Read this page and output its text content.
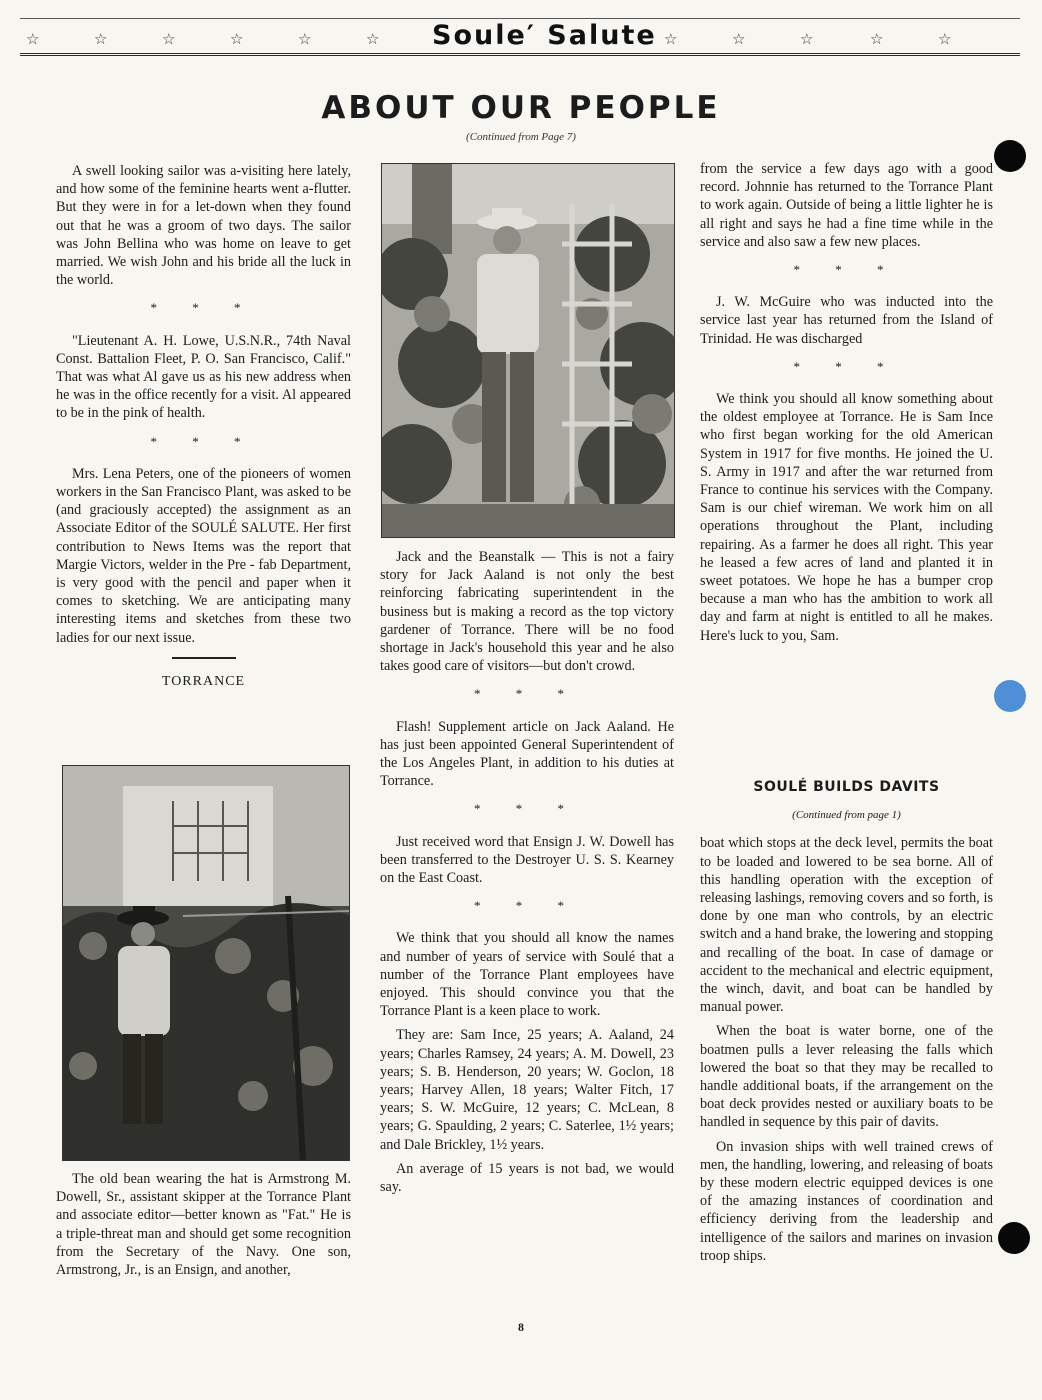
☆	☆	☆	☆	☆	☆ Soule′ Salute ☆	☆	☆	☆	☆
ABOUT OUR PEOPLE
(Continued from Page 7)

A swell looking sailor was a-visiting here lately, and how some of the feminine hearts went a-flutter. But they were in for a let-down when they found out that he was a groom of two days. The sailor was John Bellina who was home on leave to get married. We wish John and his bride all the luck in the world.

* * *

"Lieutenant A. H. Lowe, U.S.N.R., 74th Naval Const. Battalion Fleet, P. O. San Francisco, Calif." That was what Al gave us as his new address when he was in the office recently for a visit. Al appeared to be in the pink of health.

* * *

Mrs. Lena Peters, one of the pioneers of women workers in the San Francisco Plant, was asked to be (and graciously accepted) the assignment as an Associate Editor of the SOULÉ SALUTE. Her first contribution to News Items was the report that Margie Victors, welder in the Pre - fab Department, is very good with the pencil and paper when it comes to sketching. We are anticipating many interesting items and sketches from these two ladies for our next issue.

TORRANCE

The old bean wearing the hat is Armstrong M. Dowell, Sr., assistant skipper at the Torrance Plant and associate editor—better known as "Fat." He is a triple-threat man and should get some recognition from the Secretary of the Navy. One son, Armstrong, Jr., is an Ensign, and another,

Jack and the Beanstalk — This is not a fairy story for Jack Aaland is not only the best reinforcing fabricating superintendent in the business but is making a record as the top victory gardener of Torrance. There will be no food shortage in Jack's household this year and he also takes good care of visitors—but don't crowd.

* * *

Flash! Supplement article on Jack Aaland. He has just been appointed General Superintendent of the Los Angeles Plant, in addition to his duties at Torrance.

* * *

Just received word that Ensign J. W. Dowell has been transferred to the Destroyer U. S. S. Kearney on the East Coast.

* * *

We think that you should all know the names and number of years of service with Soulé that a number of the Torrance Plant employees have enjoyed. This should convince you that the Torrance Plant is a keen place to work.

They are: Sam Ince, 25 years; A. Aaland, 24 years; Charles Ramsey, 24 years; A. M. Dowell, 23 years; S. B. Henderson, 20 years; W. Goclon, 18 years; Harvey Allen, 18 years; Walter Fitch, 17 years; S. W. McGuire, 12 years; C. McLean, 8 years; G. Spaulding, 2 years; C. Saterlee, 1½ years; and Dale Brickley, 1½ years.

An average of 15 years is not bad, we would say.

from the service a few days ago with a good record. Johnnie has returned to the Torrance Plant to work again. Outside of being a little lighter he is all right and says he had a fine time while in the service and also saw a few new places.

* * *

J. W. McGuire who was inducted into the service last year has returned from the Island of Trinidad. He was discharged

* * *

We think you should all know something about the oldest employee at Torrance. He is Sam Ince who first began working for the old American System in 1917 for five months. He joined the U. S. Army in 1917 and after the war returned from France to continue his services with the Company. Sam is our chief wireman. We work him on all operations throughout the Plant, including repairing. As a farmer he does all right. This year he leased a few acres of land and planted it in sweet potatoes. We hope he has a bumper crop because a man who has the ambition to work all day and farm at night is entitled to all he makes. Here's luck to you, Sam.

SOULÉ BUILDS DAVITS
(Continued from page 1)

boat which stops at the deck level, permits the boat to be loaded and lowered to be sea borne. All of this handling operation with the exception of releasing lashings, removing covers and so forth, is done by one man who controls, by an electric switch and a hand brake, the lowering and stopping and recalling of the boat. In case of damage or accident to the mechanical and electric equipment, the winch, davit, and boat can be handled by manual power.

When the boat is water borne, one of the boatmen pulls a lever releasing the falls which lowered the boat so that they may be recalled to handle additional boats, if the arrangement on the boat deck provides nested or auxiliary boats to be handled in sequence by this pair of davits.

On invasion ships with well trained crews of men, the handling, lowering, and releasing of boats by these modern electric equipped devices is one of the amazing instances of coordination and efficiency deriving from the leadership and intelligence of the sailors and marines on invasion troop ships.

8
